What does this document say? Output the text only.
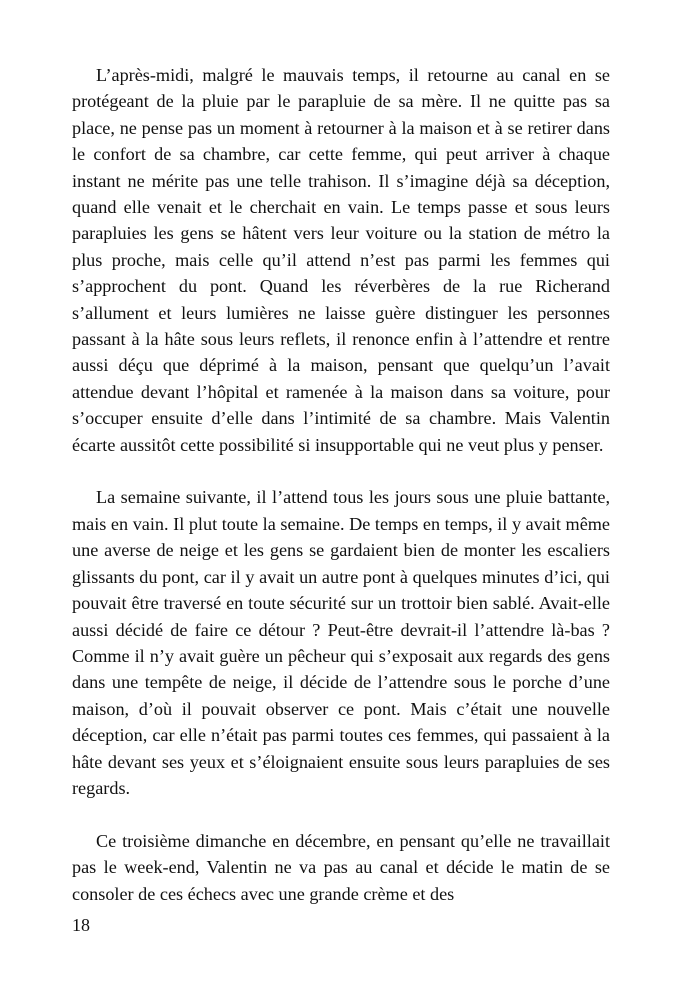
L’après-midi, malgré le mauvais temps, il retourne au canal en se protégeant de la pluie par le parapluie de sa mère. Il ne quitte pas sa place, ne pense pas un moment à retourner à la maison et à se retirer dans le confort de sa chambre, car cette femme, qui peut arriver à chaque instant ne mérite pas une telle trahison. Il s’imagine déjà sa déception, quand elle venait et le cherchait en vain. Le temps passe et sous leurs parapluies les gens se hâtent vers leur voiture ou la station de métro la plus proche, mais celle qu’il attend n’est pas parmi les femmes qui s’approchent du pont. Quand les réverbères de la rue Richerand s’allument et leurs lumières ne laisse guère distinguer les personnes passant à la hâte sous leurs reflets, il renonce enfin à l’attendre et rentre aussi déçu que déprimé à la maison, pensant que quelqu’un l’avait attendue devant l’hôpital et ramenée à la maison dans sa voiture, pour s’occuper ensuite d’elle dans l’intimité de sa chambre. Mais Valentin écarte aussitôt cette possibilité si insupportable qui ne veut plus y penser.

La semaine suivante, il l’attend tous les jours sous une pluie battante, mais en vain. Il plut toute la semaine. De temps en temps, il y avait même une averse de neige et les gens se gardaient bien de monter les escaliers glissants du pont, car il y avait un autre pont à quelques minutes d’ici, qui pouvait être traversé en toute sécurité sur un trottoir bien sablé. Avait-elle aussi décidé de faire ce détour ? Peut-être devrait-il l’attendre là-bas ? Comme il n’y avait guère un pêcheur qui s’exposait aux regards des gens dans une tempête de neige, il décide de l’attendre sous le porche d’une maison, d’où il pouvait observer ce pont. Mais c’était une nouvelle déception, car elle n’était pas parmi toutes ces femmes, qui passaient à la hâte devant ses yeux et s’éloignaient ensuite sous leurs parapluies de ses regards.

Ce troisième dimanche en décembre, en pensant qu’elle ne travaillait pas le week-end, Valentin ne va pas au canal et décide le matin de se consoler de ces échecs avec une grande crème et des

18
